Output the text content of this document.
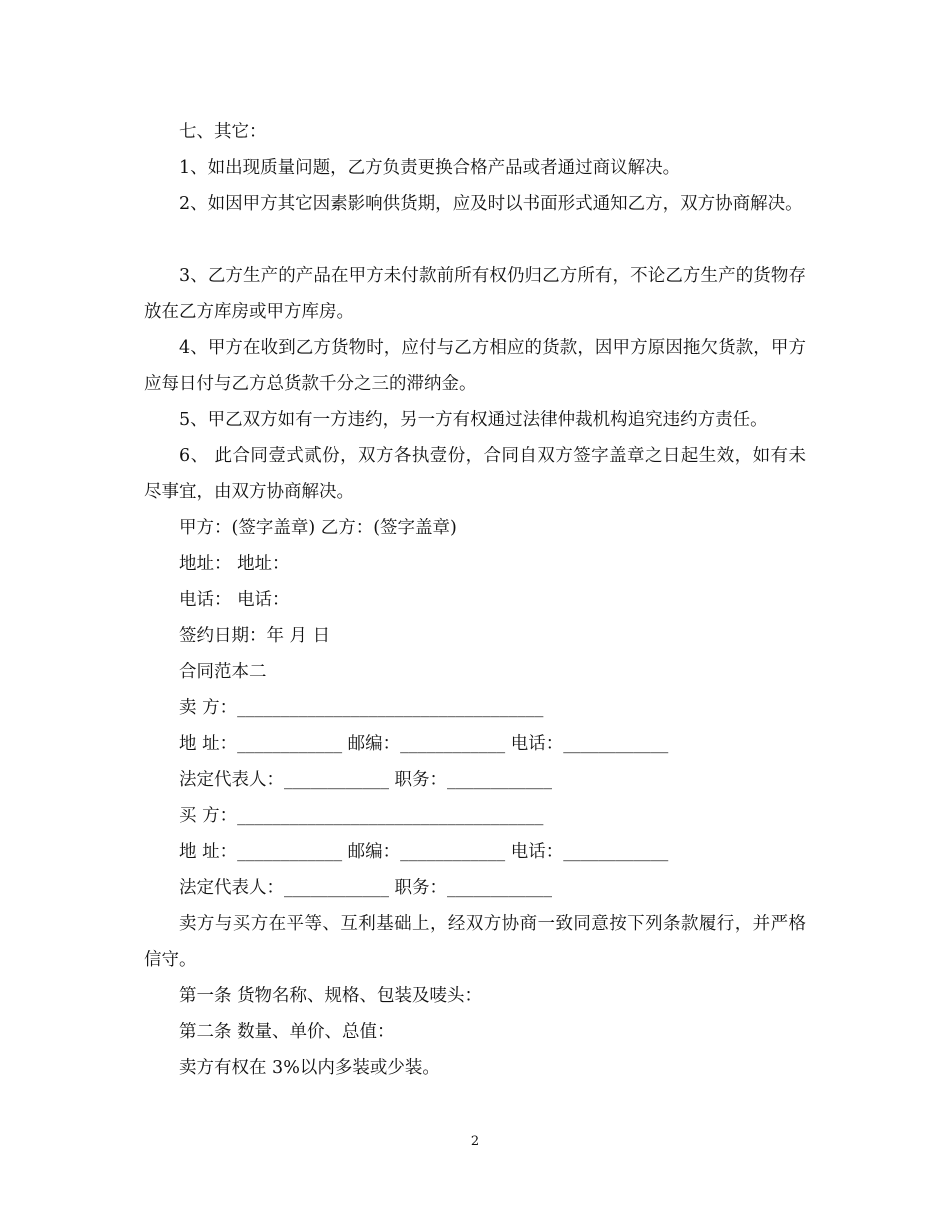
七、其它：

1、如出现质量问题，乙方负责更换合格产品或者通过商议解决。

2、如因甲方其它因素影响供货期，应及时以书面形式通知乙方，双方协商解决。

3、乙方生产的产品在甲方未付款前所有权仍归乙方所有，不论乙方生产的货物存放在乙方库房或甲方库房。

4、甲方在收到乙方货物时，应付与乙方相应的货款，因甲方原因拖欠货款，甲方应每日付与乙方总货款千分之三的滞纳金。

5、甲乙双方如有一方违约，另一方有权通过法律仲裁机构追究违约方责任。

6、 此合同壹式贰份，双方各执壹份，合同自双方签字盖章之日起生效，如有未尽事宜，由双方协商解决。

甲方：(签字盖章) 乙方：(签字盖章)

地址： 地址：

电话： 电话：

签约日期：年 月 日

合同范本二

卖 方：___________________________________

地 址：____________ 邮编：____________ 电话：____________

法定代表人：____________ 职务：____________

买 方：___________________________________

地 址：____________ 邮编：____________ 电话：____________

法定代表人：____________ 职务：____________

卖方与买方在平等、互利基础上，经双方协商一致同意按下列条款履行，并严格信守。

第一条 货物名称、规格、包装及唛头：

第二条 数量、单价、总值：

卖方有权在 3%以内多装或少装。

2
